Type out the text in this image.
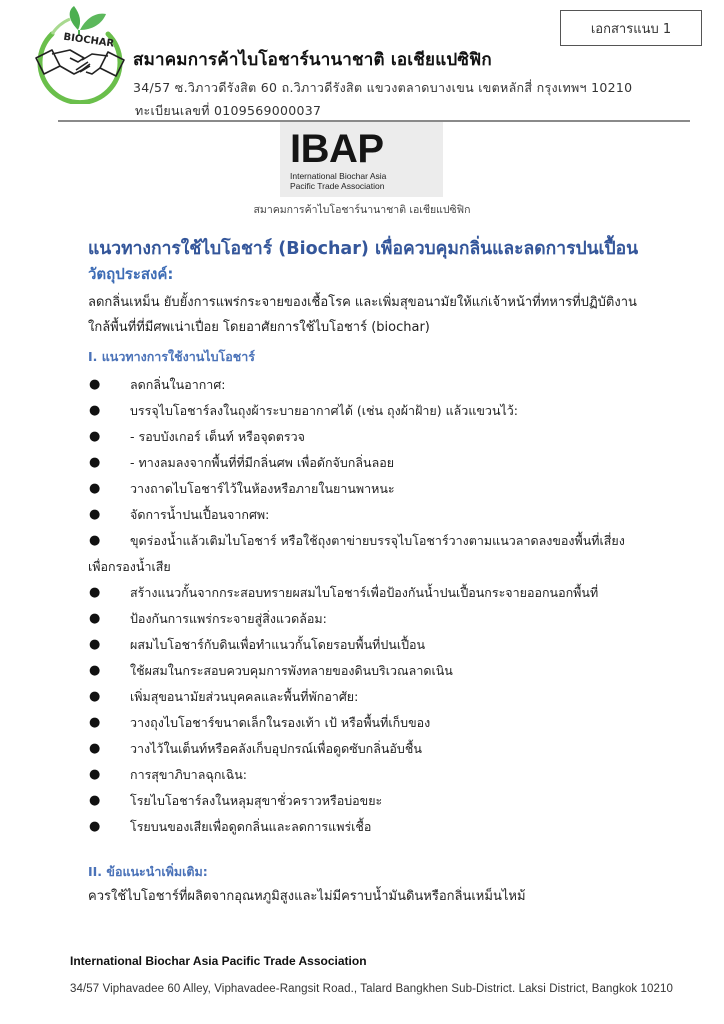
BIOCHAR
เอกสารแนบ 1
สมาคมการค้าไบโอชาร์นานาชาติ เอเชียแปซิฟิก
34/57 ซ.วิภาวดีรังสิต 60 ถ.วิภาวดีรังสิต แขวงตลาดบางเขน เขตหลักสี่ กรุงเทพฯ 10210
ทะเบียนเลขที่ 0109569000037
IBAP
International Biochar Asia
Pacific Trade Association
สมาคมการค้าไบโอชาร์นานาชาติ เอเชียแปซิฟิก
แนวทางการใช้ไบโอชาร์ (Biochar) เพื่อควบคุมกลิ่นและลดการปนเปื้อน
วัตถุประสงค์:
ลดกลิ่นเหม็น ยับยั้งการแพร่กระจายของเชื้อโรค และเพิ่มสุขอนามัยให้แก่เจ้าหน้าที่ทหารที่ปฏิบัติงาน
ใกล้พื้นที่ที่มีศพเน่าเปื่อย โดยอาศัยการใช้ไบโอชาร์ (biochar)
I. แนวทางการใช้งานไบโอชาร์
● ลดกลิ่นในอากาศ:
● บรรจุไบโอชาร์ลงในถุงผ้าระบายอากาศได้ (เช่น ถุงผ้าฝ้าย) แล้วแขวนไว้:
● - รอบบังเกอร์ เต็นท์ หรือจุดตรวจ
● - ทางลมลงจากพื้นที่ที่มีกลิ่นศพ เพื่อดักจับกลิ่นลอย
● วางถาดไบโอชาร์ไว้ในห้องหรือภายในยานพาหนะ
● จัดการน้ำปนเปื้อนจากศพ:
● ขุดร่องน้ำแล้วเติมไบโอชาร์ หรือใช้ถุงตาข่ายบรรจุไบโอชาร์วางตามแนวลาดลงของพื้นที่เสี่ยง
เพื่อกรองน้ำเสีย
● สร้างแนวกั้นจากกระสอบทรายผสมไบโอชาร์เพื่อป้องกันน้ำปนเปื้อนกระจายออกนอกพื้นที่
● ป้องกันการแพร่กระจายสู่สิ่งแวดล้อม:
● ผสมไบโอชาร์กับดินเพื่อทำแนวกั้นโดยรอบพื้นที่ปนเปื้อน
● ใช้ผสมในกระสอบควบคุมการพังทลายของดินบริเวณลาดเนิน
● เพิ่มสุขอนามัยส่วนบุคคลและพื้นที่พักอาศัย:
● วางถุงไบโอชาร์ขนาดเล็กในรองเท้า เป้ หรือพื้นที่เก็บของ
● วางไว้ในเต็นท์หรือคลังเก็บอุปกรณ์เพื่อดูดซับกลิ่นอับชื้น
● การสุขาภิบาลฉุกเฉิน:
● โรยไบโอชาร์ลงในหลุมสุขาชั่วคราวหรือบ่อขยะ
● โรยบนของเสียเพื่อดูดกลิ่นและลดการแพร่เชื้อ
II. ข้อแนะนำเพิ่มเติม:

ควรใช้ไบโอชาร์ที่ผลิตจากอุณหภูมิสูงและไม่มีคราบน้ำมันดินหรือกลิ่นเหม็นไหม้

International Biochar Asia Pacific Trade Association
34/57 Viphavadee 60 Alley, Viphavadee-Rangsit Road., Talard Bangkhen Sub-District. Laksi District, Bangkok 10210
